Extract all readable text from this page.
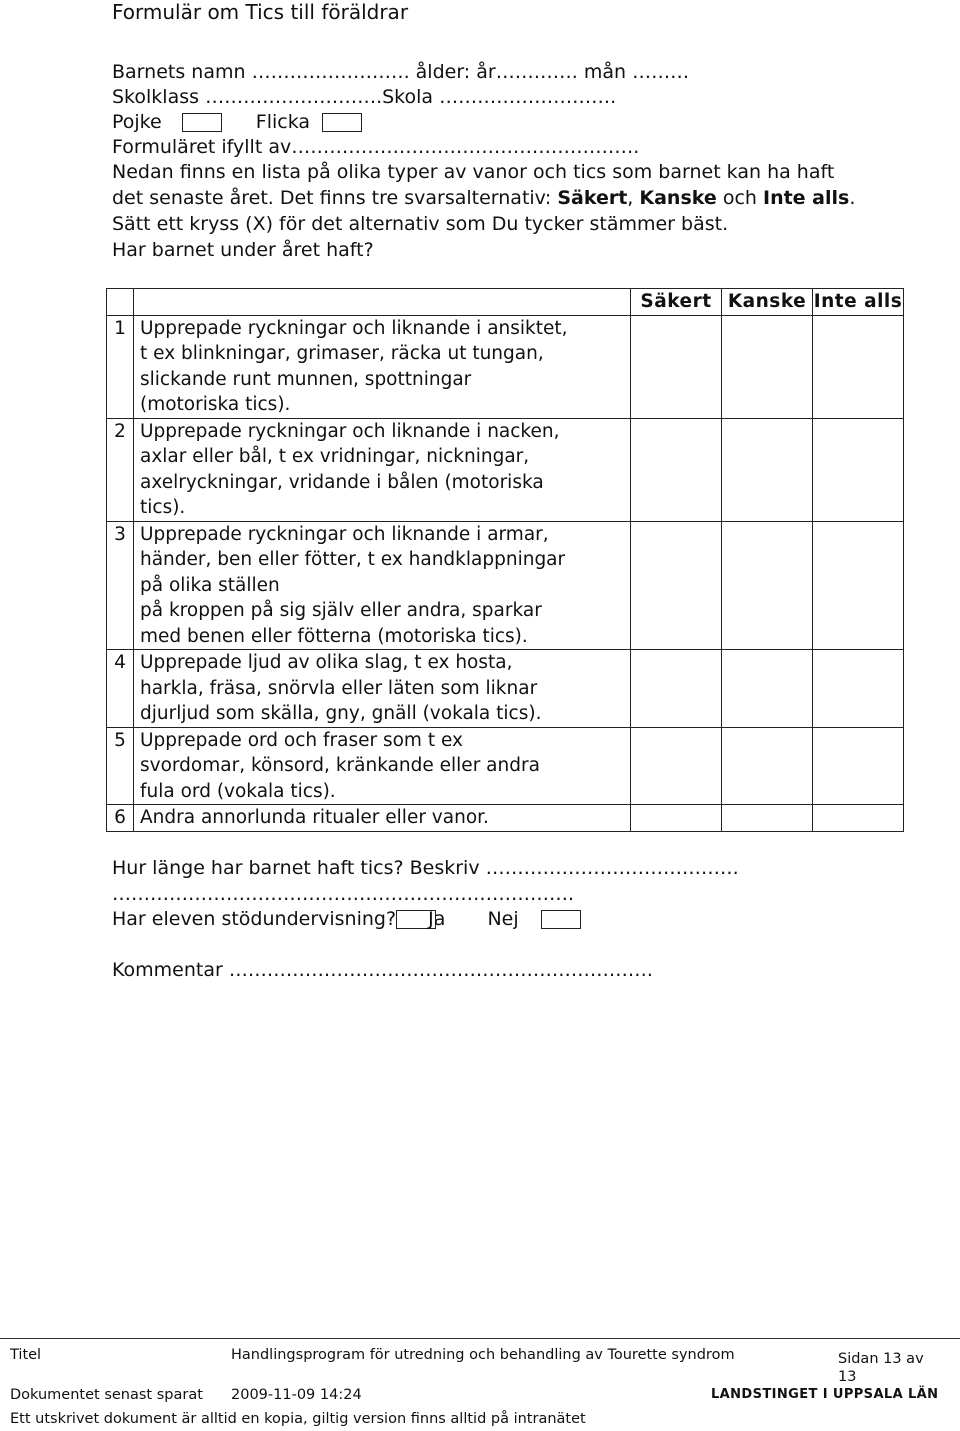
Formulär om Tics till föräldrar
Barnets namn ……………………. ålder: år…………. mån ………
Skolklass ……………………….Skola ……………………….
Pojke	Flicka
Formuläret ifyllt av……………………………………………….
Nedan finns en lista på olika typer av vanor och tics som barnet kan ha haft
det senaste året. Det finns tre svarsalternativ: Säkert, Kanske och Inte alls.
Sätt ett kryss (X) för det alternativ som Du tycker stämmer bäst.
Har barnet under året haft?
		Säkert	Kanske	Inte alls
1	Upprepade ryckningar och liknande i ansiktet,
t ex blinkningar, grimaser, räcka ut tungan,
slickande runt munnen, spottningar
(motoriska tics).			

2	Upprepade ryckningar och liknande i nacken,
axlar eller bål, t ex vridningar, nickningar,
axelryckningar, vridande i bålen (motoriska
tics).			

3	Upprepade ryckningar och liknande i armar,
händer, ben eller fötter, t ex handklappningar
på olika ställen
på kroppen på sig själv eller andra, sparkar
med benen eller fötterna (motoriska tics).			

4	Upprepade ljud av olika slag, t ex hosta,
harkla, fräsa, snörvla eller läten som liknar
djurljud som skälla, gny, gnäll (vokala tics).			

5	Upprepade ord och fraser som t ex
svordomar, könsord, kränkande eller andra
fula ord (vokala tics).			

6	Andra annorlunda ritualer eller vanor.			

Hur länge har barnet haft tics? Beskriv ………………………………….
……………………………………………………………….
Har eleven stödundervisning? Ja Nej
Kommentar ………………………………………………………….
Titel	Handlingsprogram för utredning och behandling av Tourette syndrom	Sidan 13 av
13
Dokumentet senast sparat 2009-11-09 14:24	LANDSTINGET I UPPSALA LÄN
Ett utskrivet dokument är alltid en kopia, giltig version finns alltid på intranätet
